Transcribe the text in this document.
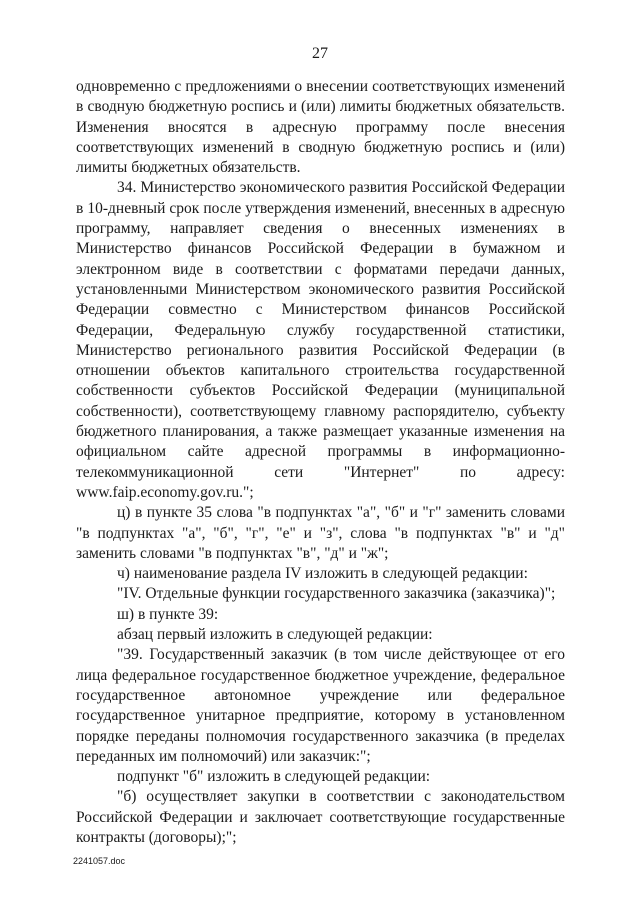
27

одновременно с предложениями о внесении соответствующих изменений в сводную бюджетную роспись и (или) лимиты бюджетных обязательств. Изменения вносятся в адресную программу после внесения соответствующих изменений в сводную бюджетную роспись и (или) лимиты бюджетных обязательств.

34. Министерство экономического развития Российской Федерации в 10-дневный срок после утверждения изменений, внесенных в адресную программу, направляет сведения о внесенных изменениях в Министерство финансов Российской Федерации в бумажном и электронном виде в соответствии с форматами передачи данных, установленными Министерством экономического развития Российской Федерации совместно с Министерством финансов Российской Федерации, Федеральную службу государственной статистики, Министерство регионального развития Российской Федерации (в отношении объектов капитального строительства государственной собственности субъектов Российской Федерации (муниципальной собственности), соответствующему главному распорядителю, субъекту бюджетного планирования, а также размещает указанные изменения на официальном сайте адресной программы в информационно-телекоммуникационной сети "Интернет" по адресу: www.faip.economy.gov.ru.";

ц) в пункте 35 слова "в подпунктах "а", "б" и "г" заменить словами "в подпунктах "а", "б", "г", "е" и "з", слова "в подпунктах "в" и "д" заменить словами "в подпунктах "в", "д" и "ж";

ч) наименование раздела IV изложить в следующей редакции:

"IV. Отдельные функции государственного заказчика (заказчика)";

ш) в пункте 39:

абзац первый изложить в следующей редакции:

"39. Государственный заказчик (в том числе действующее от его лица федеральное государственное бюджетное учреждение, федеральное государственное автономное учреждение или федеральное государственное унитарное предприятие, которому в установленном порядке переданы полномочия государственного заказчика (в пределах переданных им полномочий) или заказчик:";

подпункт "б" изложить в следующей редакции:

"б) осуществляет закупки в соответствии с законодательством Российской Федерации и заключает соответствующие государственные контракты (договоры);";

2241057.doc
